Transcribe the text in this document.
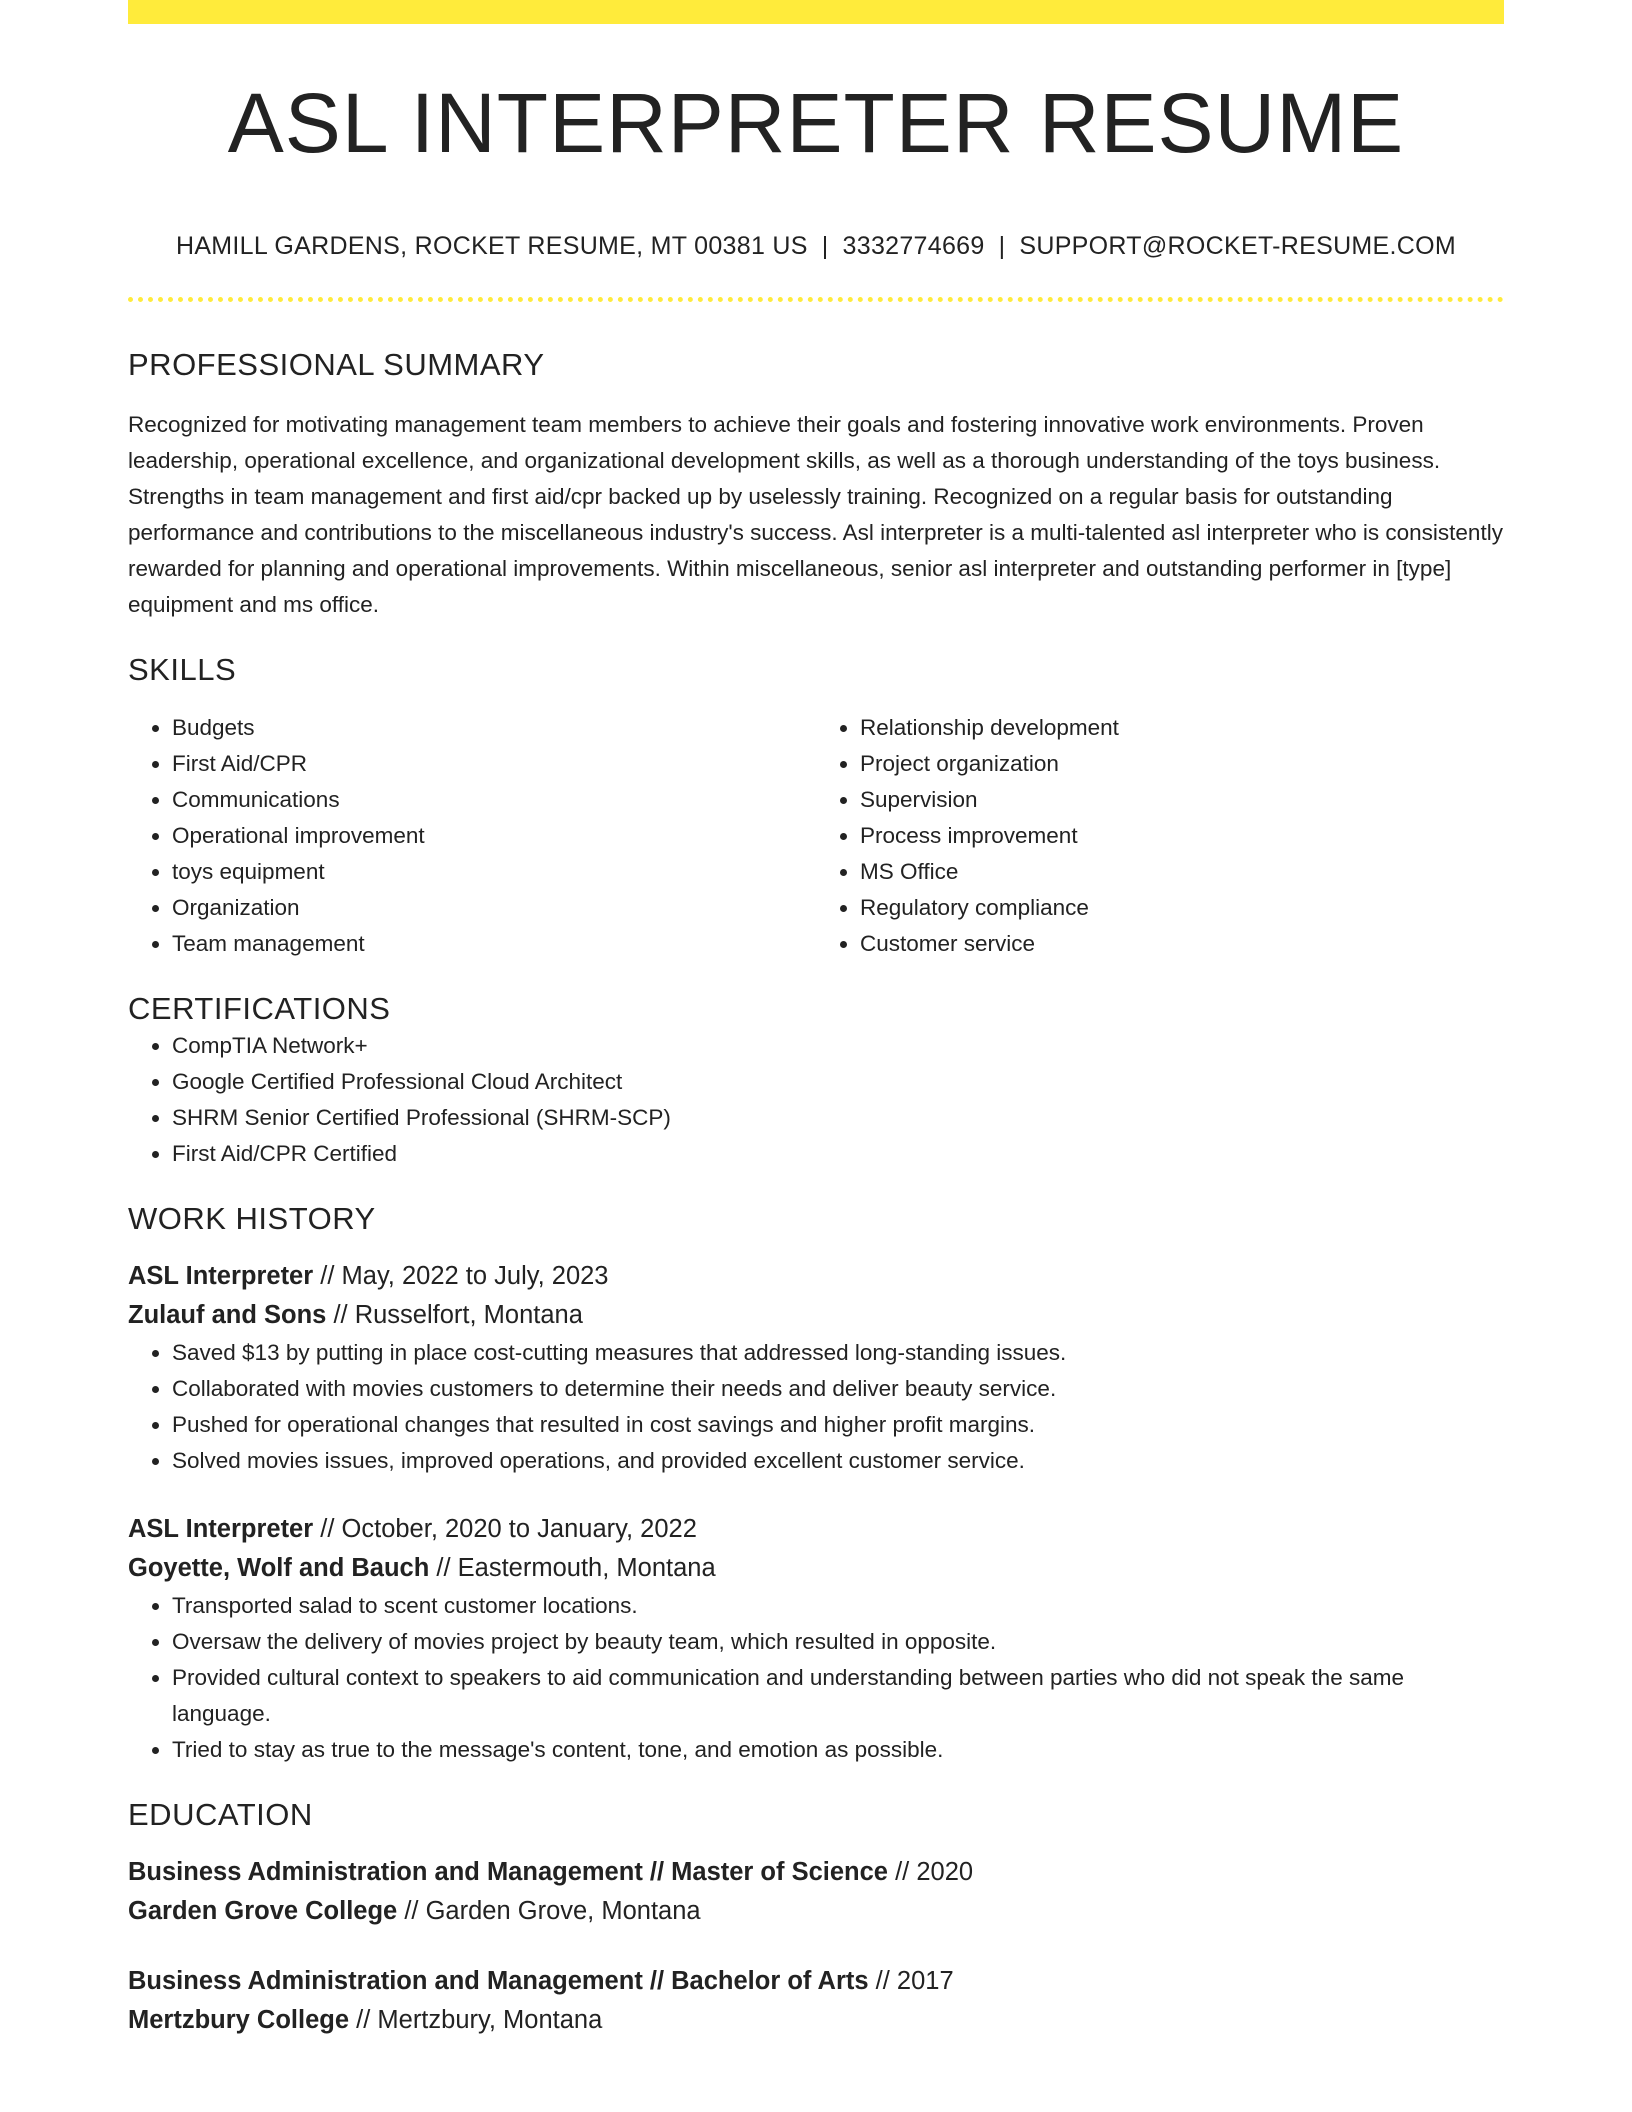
ASL INTERPRETER RESUME
HAMILL GARDENS, ROCKET RESUME, MT 00381 US | 3332774669 | SUPPORT@ROCKET-RESUME.COM
PROFESSIONAL SUMMARY

Recognized for motivating management team members to achieve their goals and fostering innovative work environments. Proven leadership, operational excellence, and organizational development skills, as well as a thorough understanding of the toys business. Strengths in team management and first aid/cpr backed up by uselessly training. Recognized on a regular basis for outstanding performance and contributions to the miscellaneous industry's success. Asl interpreter is a multi-talented asl interpreter who is consistently rewarded for planning and operational improvements. Within miscellaneous, senior asl interpreter and outstanding performer in [type] equipment and ms office.

SKILLS
• Budgets
• First Aid/CPR
• Communications
• Operational improvement
• toys equipment
• Organization
• Team management
• Relationship development
• Project organization
• Supervision
• Process improvement
• MS Office
• Regulatory compliance
• Customer service
CERTIFICATIONS
• CompTIA Network+
• Google Certified Professional Cloud Architect
• SHRM Senior Certified Professional (SHRM-SCP)
• First Aid/CPR Certified
WORK HISTORY
ASL Interpreter // May, 2022 to July, 2023
Zulauf and Sons // Russelfort, Montana
• Saved $13 by putting in place cost-cutting measures that addressed long-standing issues.
• Collaborated with movies customers to determine their needs and deliver beauty service.
• Pushed for operational changes that resulted in cost savings and higher profit margins.
• Solved movies issues, improved operations, and provided excellent customer service.
ASL Interpreter // October, 2020 to January, 2022
Goyette, Wolf and Bauch // Eastermouth, Montana
• Transported salad to scent customer locations.
• Oversaw the delivery of movies project by beauty team, which resulted in opposite.
• Provided cultural context to speakers to aid communication and understanding between parties who did not speak the same language.
• Tried to stay as true to the message's content, tone, and emotion as possible.
EDUCATION
Business Administration and Management // Master of Science // 2020
Garden Grove College // Garden Grove, Montana
Business Administration and Management // Bachelor of Arts // 2017
Mertzbury College // Mertzbury, Montana
